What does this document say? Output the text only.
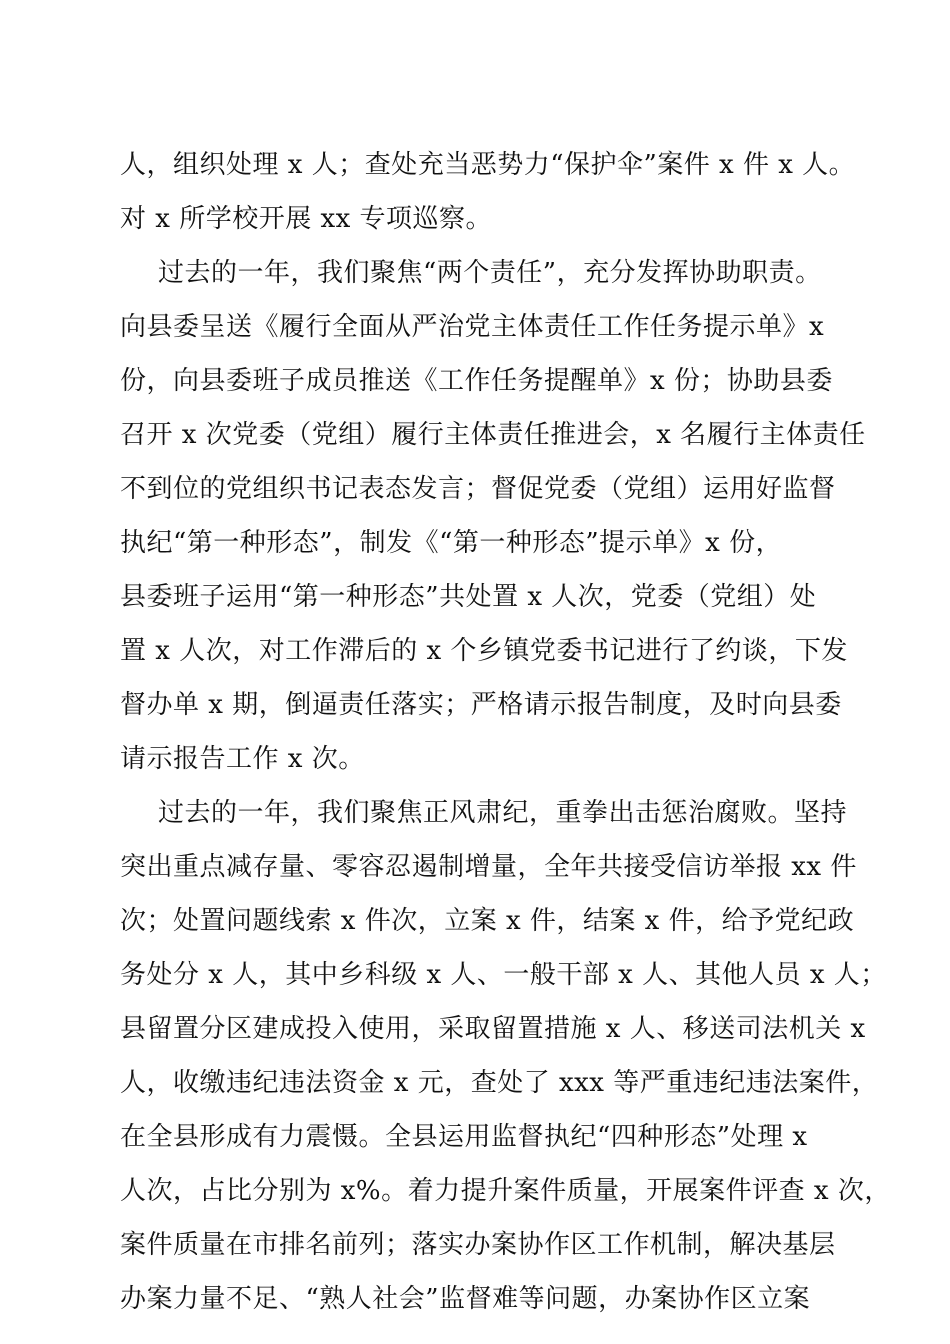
人，组织处理 x 人；查处充当恶势力“保护伞”案件 x 件 x 人。
对 x 所学校开展 xx 专项巡察。
过去的一年，我们聚焦“两个责任”，充分发挥协助职责。
向县委呈送《履行全面从严治党主体责任工作任务提示单》x
份，向县委班子成员推送《工作任务提醒单》x 份；协助县委
召开 x 次党委（党组）履行主体责任推进会，x 名履行主体责任
不到位的党组织书记表态发言；督促党委（党组）运用好监督
执纪“第一种形态”，制发《“第一种形态”提示单》x 份，
县委班子运用“第一种形态”共处置 x 人次，党委（党组）处
置 x 人次，对工作滞后的 x 个乡镇党委书记进行了约谈，下发
督办单 x 期，倒逼责任落实；严格请示报告制度，及时向县委
请示报告工作 x 次。
过去的一年，我们聚焦正风肃纪，重拳出击惩治腐败。坚持
突出重点减存量、零容忍遏制增量，全年共接受信访举报 xx 件
次；处置问题线索 x 件次，立案 x 件，结案 x 件，给予党纪政
务处分 x 人，其中乡科级 x 人、一般干部 x 人、其他人员 x 人；
县留置分区建成投入使用，采取留置措施 x 人、移送司法机关 x
人，收缴违纪违法资金 x 元，查处了 xxx 等严重违纪违法案件，
在全县形成有力震慑。全县运用监督执纪“四种形态”处理 x
人次，占比分别为 x%。着力提升案件质量，开展案件评查 x 次，
案件质量在市排名前列；落实办案协作区工作机制，解决基层
办案力量不足、“熟人社会”监督难等问题，办案协作区立案
